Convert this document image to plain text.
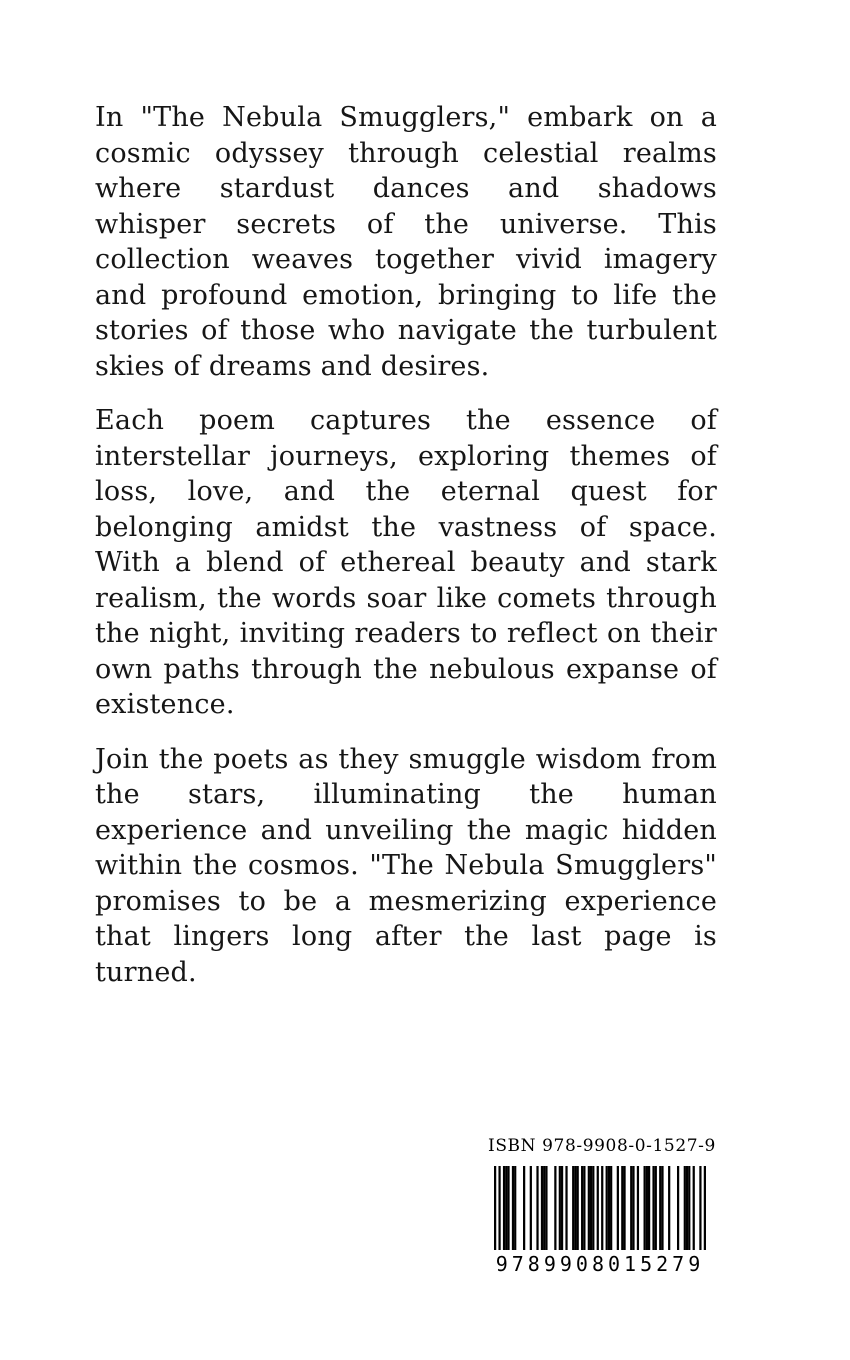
In "The Nebula Smugglers," embark on a cosmic odyssey through celestial realms where stardust dances and shadows whisper secrets of the universe. This collection weaves together vivid imagery and profound emotion, bringing to life the stories of those who navigate the turbulent skies of dreams and desires.

Each poem captures the essence of interstellar journeys, exploring themes of loss, love, and the eternal quest for belonging amidst the vastness of space. With a blend of ethereal beauty and stark realism, the words soar like comets through the night, inviting readers to reflect on their own paths through the nebulous expanse of existence.

Join the poets as they smuggle wisdom from the stars, illuminating the human experience and unveiling the magic hidden within the cosmos. "The Nebula Smugglers" promises to be a mesmerizing experience that lingers long after the last page is turned.

ISBN 978-9908-0-1527-9
9789908015279
